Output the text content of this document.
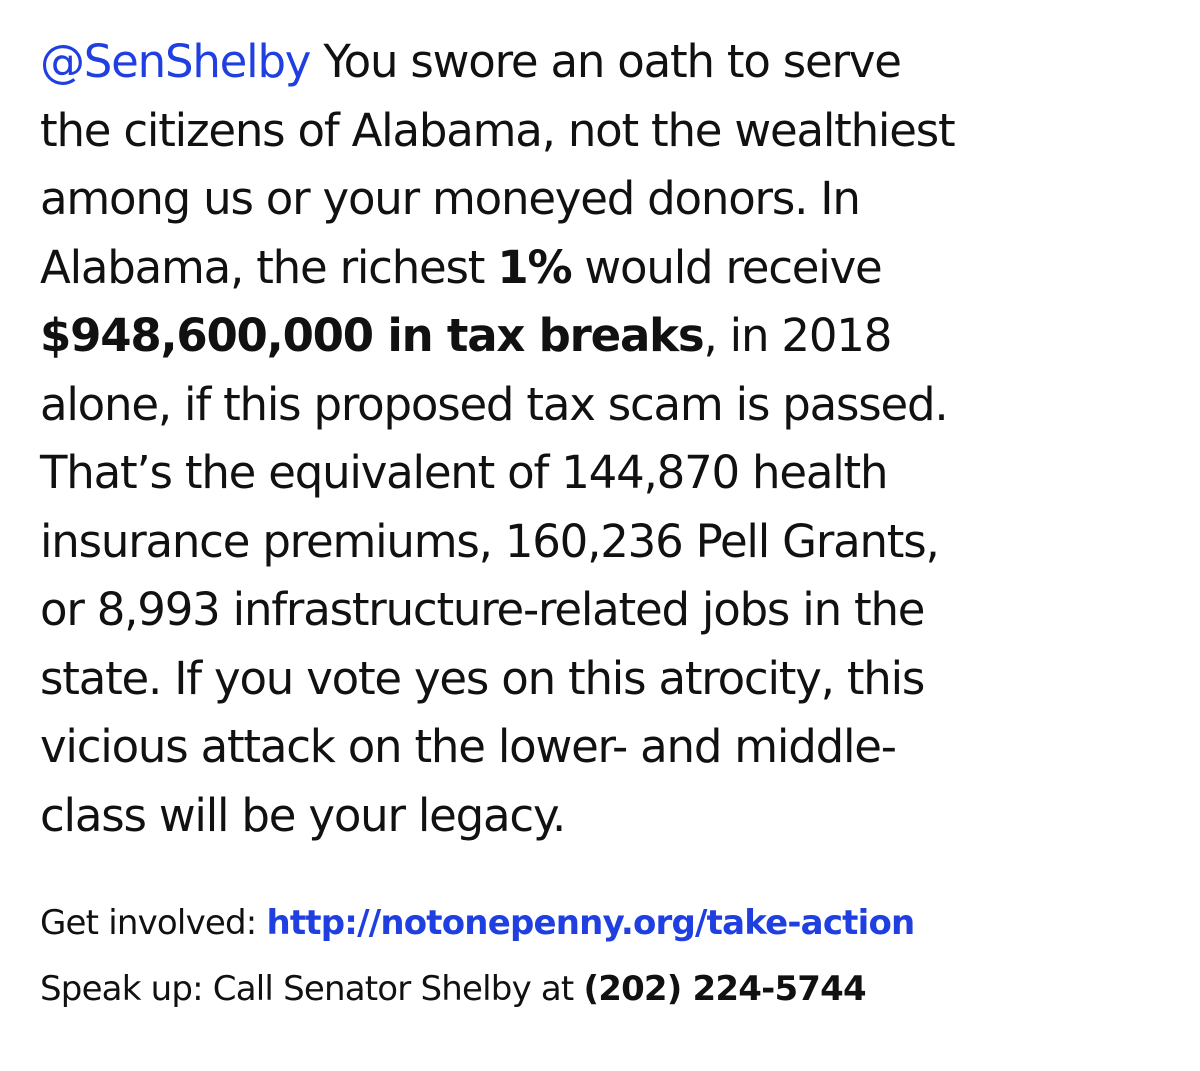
@SenShelby You swore an oath to serve
the citizens of Alabama, not the wealthiest
among us or your moneyed donors. In
Alabama, the richest 1% would receive
$948,600,000 in tax breaks, in 2018
alone, if this proposed tax scam is passed.
That’s the equivalent of 144,870 health
insurance premiums, 160,236 Pell Grants,
or 8,993 infrastructure-related jobs in the
state. If you vote yes on this atrocity, this
vicious attack on the lower- and middle-
class will be your legacy.
Get involved: http://notonepenny.org/take-action
Speak up: Call Senator Shelby at (202) 224-5744
